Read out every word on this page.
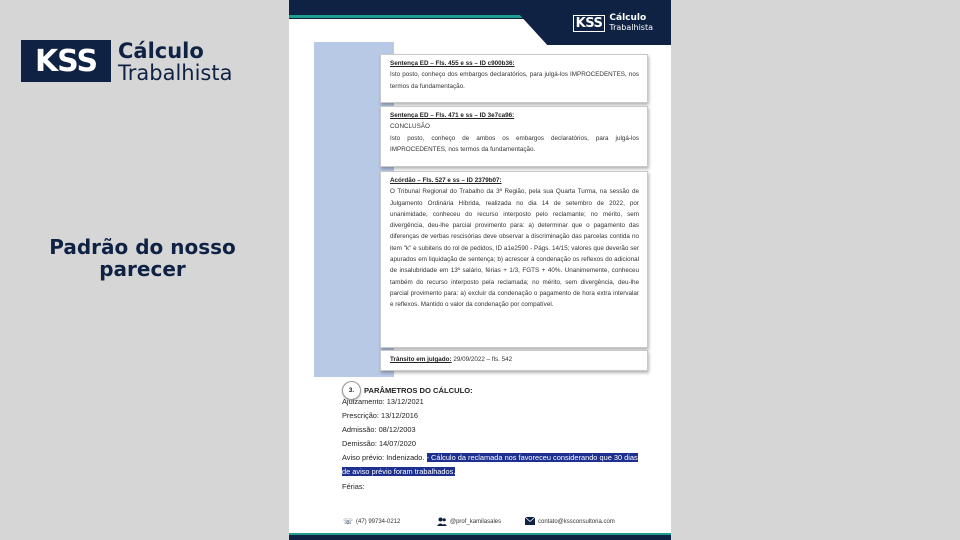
KSS Cálculo
Trabalhista
Padrão do nosso
parecer
KSS Cálculo
Trabalhista
Sentença ED – Fls. 455 e ss – ID c900b36:

Isto posto, conheço dos embargos declaratórios, para julgá-los IMPROCEDENTES, nos termos da fundamentação.

Sentença ED – Fls. 471 e ss – ID 3e7ca96:

CONCLUSÃO

Isto posto, conheço de ambos os embargos declaratórios, para julgá-los IMPROCEDENTES, nos termos da fundamentação.

Acórdão – Fls. 527 e ss – ID 2379b07:

O Tribunal Regional do Trabalho da 3ª Região, pela sua Quarta Turma, na sessão de Julgamento Ordinária Híbrida, realizada no dia 14 de setembro de 2022, por unanimidade, conheceu do recurso interposto pelo reclamante; no mérito, sem divergência, deu-lhe parcial provimento para: a) determinar que o pagamento das diferenças de verbas rescisórias deve observar a discriminação das parcelas contida no item "k" e subitens do rol de pedidos, ID a1e2590 - Págs. 14/15; valores que deverão ser apurados em liquidação de sentença; b) acrescer à condenação os reflexos do adicional de insalubridade em 13º salário, férias + 1/3, FGTS + 40%. Unanimemente, conheceu também do recurso interposto pela reclamada; no mérito, sem divergência, deu-lhe parcial provimento para: a) excluir da condenação o pagamento de hora extra intervalar e reflexos. Mantido o valor da condenação por compatível.

Trânsito em julgado: 29/09/2022 – fls. 542
3.	PARÂMETROS DO CÁLCULO:
Ajuizamento: 13/12/2021
Prescrição: 13/12/2016
Admissão: 08/12/2003
Demissão: 14/07/2020
Aviso prévio: Indenizado. - Cálculo da reclamada nos favoreceu considerando que 30 dias
de aviso prévio foram trabalhados.
Férias:
☏ (47) 99734-0212	@prof_kamilasales	contato@kssconsultoria.com
